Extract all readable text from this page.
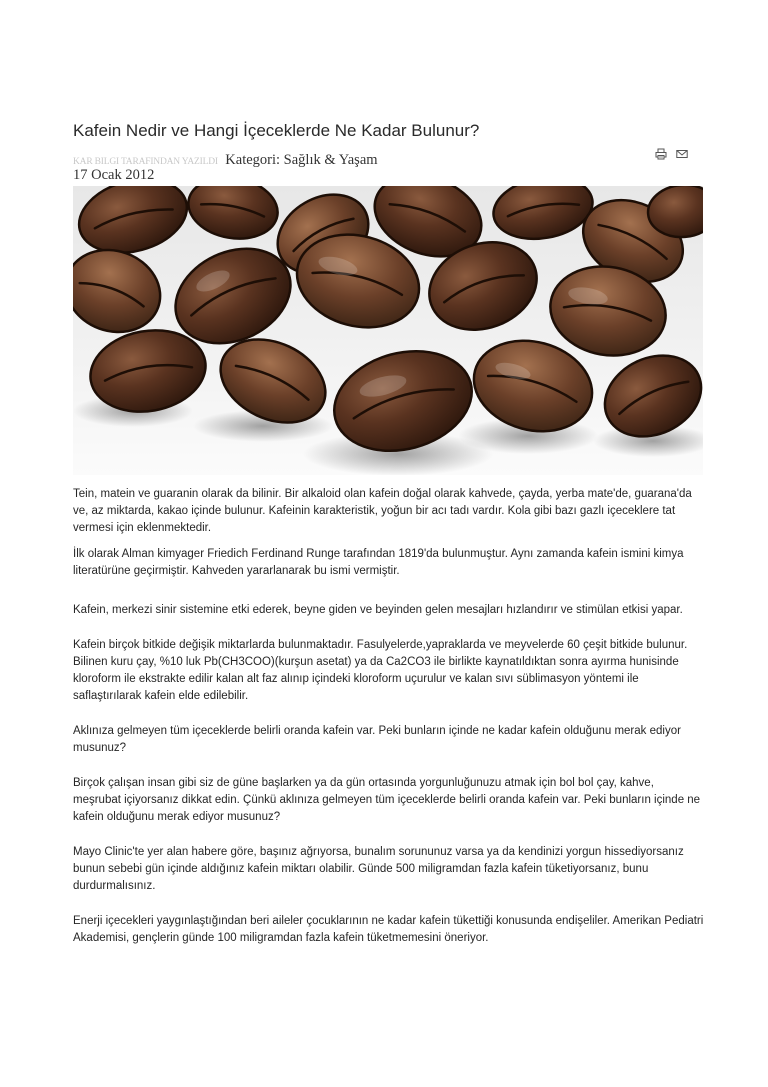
Kafein Nedir ve Hangi İçeceklerde Ne Kadar Bulunur?
KAR BILGI TARAFINDAN YAZILDI Kategori: Sağlık & Yaşam
17 Ocak 2012

Tein, matein ve guaranin olarak da bilinir. Bir alkaloid olan kafein doğal olarak kahvede, çayda, yerba mate'de, guarana'da ve, az miktarda, kakao içinde bulunur. Kafeinin karakteristik, yoğun bir acı tadı vardır. Kola gibi bazı gazlı içeceklere tat vermesi için eklenmektedir.

İlk olarak Alman kimyager Friedich Ferdinand Runge tarafından 1819'da bulunmuştur. Aynı zamanda kafein ismini kimya literatürüne geçirmiştir. Kahveden yararlanarak bu ismi vermiştir.

Kafein, merkezi sinir sistemine etki ederek, beyne giden ve beyinden gelen mesajları hızlandırır ve stimülan etkisi yapar.

Kafein birçok bitkide değişik miktarlarda bulunmaktadır. Fasulyelerde,yapraklarda ve meyvelerde 60 çeşit bitkide bulunur. Bilinen kuru çay, %10 luk Pb(CH3COO)(kurşun asetat) ya da Ca2CO3 ile birlikte kaynatıldıktan sonra ayırma hunisinde kloroform ile ekstrakte edilir kalan alt faz alınıp içindeki kloroform uçurulur ve kalan sıvı süblimasyon yöntemi ile saflaştırılarak kafein elde edilebilir.

Aklınıza gelmeyen tüm içeceklerde belirli oranda kafein var. Peki bunların içinde ne kadar kafein olduğunu merak ediyor musunuz?

Birçok çalışan insan gibi siz de güne başlarken ya da gün ortasında yorgunluğunuzu atmak için bol bol çay, kahve, meşrubat içiyorsanız dikkat edin. Çünkü aklınıza gelmeyen tüm içeceklerde belirli oranda kafein var. Peki bunların içinde ne kafein olduğunu merak ediyor musunuz?

Mayo Clinic'te yer alan habere göre, başınız ağrıyorsa, bunalım sorununuz varsa ya da kendinizi yorgun hissediyorsanız bunun sebebi gün içinde aldığınız kafein miktarı olabilir. Günde 500 miligramdan fazla kafein tüketiyorsanız, bunu durdurmalısınız.

Enerji içecekleri yaygınlaştığından beri aileler çocuklarının ne kadar kafein tükettiği konusunda endişeliler. Amerikan Pediatri Akademisi, gençlerin günde 100 miligramdan fazla kafein tüketmemesini öneriyor.
